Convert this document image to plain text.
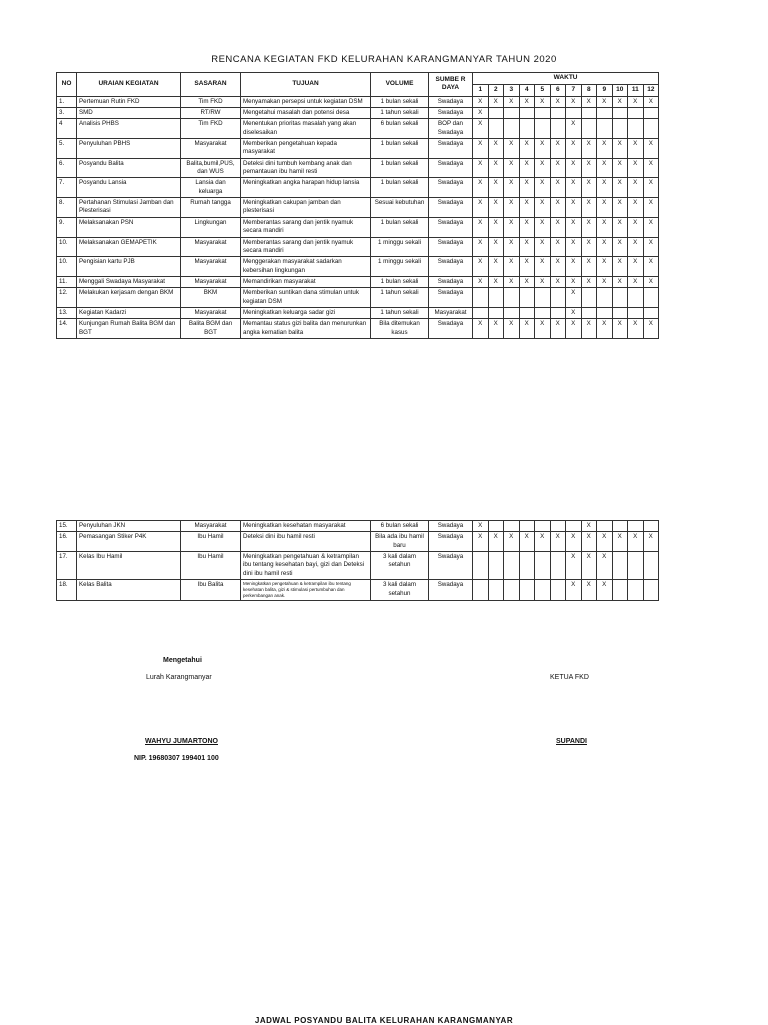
RENCANA KEGIATAN FKD KELURAHAN KARANGMANYAR TAHUN 2020
NO	URAIAN KEGIATAN	SASARAN	TUJUAN	VOLUME	SUMBE R DAYA	WAKTU											
						1	2	3	4	5	6	7	8	9	10	11	12
1.	Pertemuan Rutin FKD	Tim FKD	Menyamakan persepsi untuk kegiatan DSM	1 bulan sekali	Swadaya	X	X	X	X	X	X	X	X	X	X	X	X
3.	SMD	RT/RW	Mengetahui masalah dan potensi desa	1 tahun sekali	Swadaya	X											
4	Analisis PHBS	Tim FKD	Menentukan prioritas masalah yang akan diselesaikan	6 bulan sekali	BOP dan Swadaya	X						X					
5.	Penyuluhan PBHS	Masyarakat	Memberikan pengetahuan kepada masyarakat	1 bulan sekali	Swadaya	X	X	X	X	X	X	X	X	X	X	X	X
6.	Posyandu Balita	Balita,bumil,PUS, dan WUS	Deteksi dini tumbuh kembang anak dan pemantauan ibu hamil resti	1 bulan sekali	Swadaya	X	X	X	X	X	X	X	X	X	X	X	X
7.	Posyandu Lansia	Lansia dan keluarga	Meningkatkan angka harapan hidup lansia	1 bulan sekali	Swadaya	X	X	X	X	X	X	X	X	X	X	X	X
8.	Pertahanan Stimulasi Jamban dan Plesterisasi	Rumah tangga	Meningkatkan cakupan jamban dan plesterisasi	Sesuai kebutuhan	Swadaya	X	X	X	X	X	X	X	X	X	X	X	X
9.	Melaksanakan PSN	Lingkungan	Memberantas sarang dan jentik nyamuk secara mandiri	1 bulan sekali	Swadaya	X	X	X	X	X	X	X	X	X	X	X	X
10.	Melaksanakan GEMAPETIK	Masyarakat	Memberantas sarang dan jentik nyamuk secara mandiri	1 minggu sekali	Swadaya	X	X	X	X	X	X	X	X	X	X	X	X
10.	Pengisian kartu PJB	Masyarakat	Menggerakan masyarakat sadarkan kebersihan lingkungan	1 minggu sekali	Swadaya	X	X	X	X	X	X	X	X	X	X	X	X
11.	Menggali Swadaya Masyarakat	Masyarakat	Memandirikan masyarakat	1 bulan sekali	Swadaya	X	X	X	X	X	X	X	X	X	X	X	X
12.	Melakukan kerjasam dengan BKM	BKM	Memberikan suntikan dana stimulan untuk kegiatan DSM	1 tahun sekali	Swadaya							X					
13.	Kegiatan Kadarzi	Masyarakat	Meningkatkan keluarga sadar gizi	1 tahun sekali	Masyarakat							X					
14.	Kunjungan Rumah Balita BGM dan BGT	Balita BGM dan BGT	Memantau status gizi balita dan menurunkan angka kematian balita	Bila ditemukan kasus	Swadaya	X	X	X	X	X	X	X	X	X	X	X	X
15.	Penyuluhan JKN	Masyarakat	Meningkatkan kesehatan masyarakat	6 bulan sekali	Swadaya	X							X				
16.	Pemasangan Stiker P4K	Ibu Hamil	Deteksi dini ibu hamil resti	Bila ada ibu hamil baru	Swadaya	X	X	X	X	X	X	X	X	X	X	X	X
17.	Kelas Ibu Hamil	Ibu Hamil	Meningkatkan pengetahuan & ketrampilan ibu tentang kesehatan bayi, gizi dan Deteksi dini ibu hamil resti	3 kali dalam setahun	Swadaya							X	X	X			
18.	Kelas Balita	Ibu Balita	Meningkatkan pengetahuan & ketrampilan ibu tentang kesehatan balita, gizi & stimulasi pertumbuhan dan perkembangan anak.	3 kali dalam setahun	Swadaya							X	X	X			
Mengetahui
Lurah Karangmanyar	KETUA FKD
WAHYU JUMARTONO
NIP. 19680307 199401 100
SUPANDI
JADWAL POSYANDU BALITA KELURAHAN KARANGMANYAR
